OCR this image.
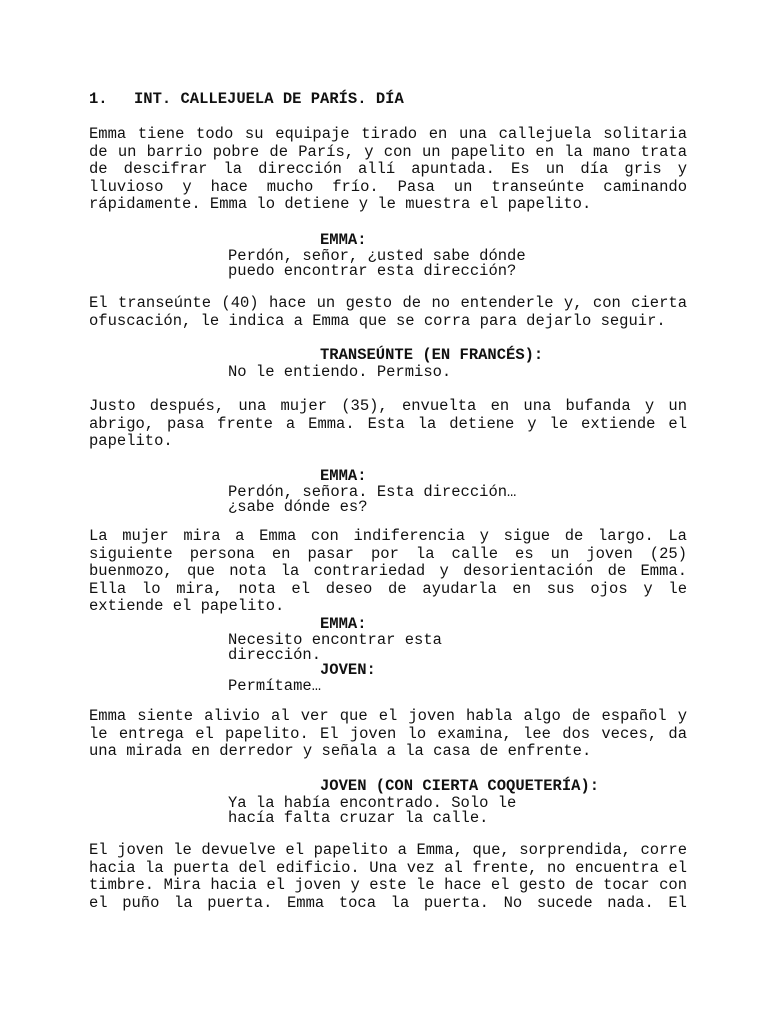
1. INT. CALLEJUELA DE PARÍS. DÍA
Emma tiene todo su equipaje tirado en una callejuela solitaria de un barrio pobre de París, y con un papelito en la mano trata de descifrar la dirección allí apuntada. Es un día gris y lluvioso y hace mucho frío. Pasa un transeúnte caminando rápidamente. Emma lo detiene y le muestra el papelito.
EMMA:
Perdón, señor, ¿usted sabe dónde
puedo encontrar esta dirección?
El transeúnte (40) hace un gesto de no entenderle y, con cierta ofuscación, le indica a Emma que se corra para dejarlo seguir.
TRANSEÚNTE (EN FRANCÉS):
No le entiendo. Permiso.
Justo después, una mujer (35), envuelta en una bufanda y un abrigo, pasa frente a Emma. Esta la detiene y le extiende el papelito.
EMMA:
Perdón, señora. Esta dirección…
¿sabe dónde es?
La mujer mira a Emma con indiferencia y sigue de largo. La siguiente persona en pasar por la calle es un joven (25) buenmozo, que nota la contrariedad y desorientación de Emma. Ella lo mira, nota el deseo de ayudarla en sus ojos y le extiende el papelito.
EMMA:
Necesito encontrar esta dirección.
JOVEN:
Permítame…
Emma siente alivio al ver que el joven habla algo de español y le entrega el papelito. El joven lo examina, lee dos veces, da una mirada en derredor y señala a la casa de enfrente.
JOVEN (CON CIERTA COQUETERÍA):
Ya la había encontrado. Solo le
hacía falta cruzar la calle.
El joven le devuelve el papelito a Emma, que, sorprendida, corre hacia la puerta del edificio. Una vez al frente, no encuentra el timbre. Mira hacia el joven y este le hace el gesto de tocar con el puño la puerta. Emma toca la puerta. No sucede nada. El
